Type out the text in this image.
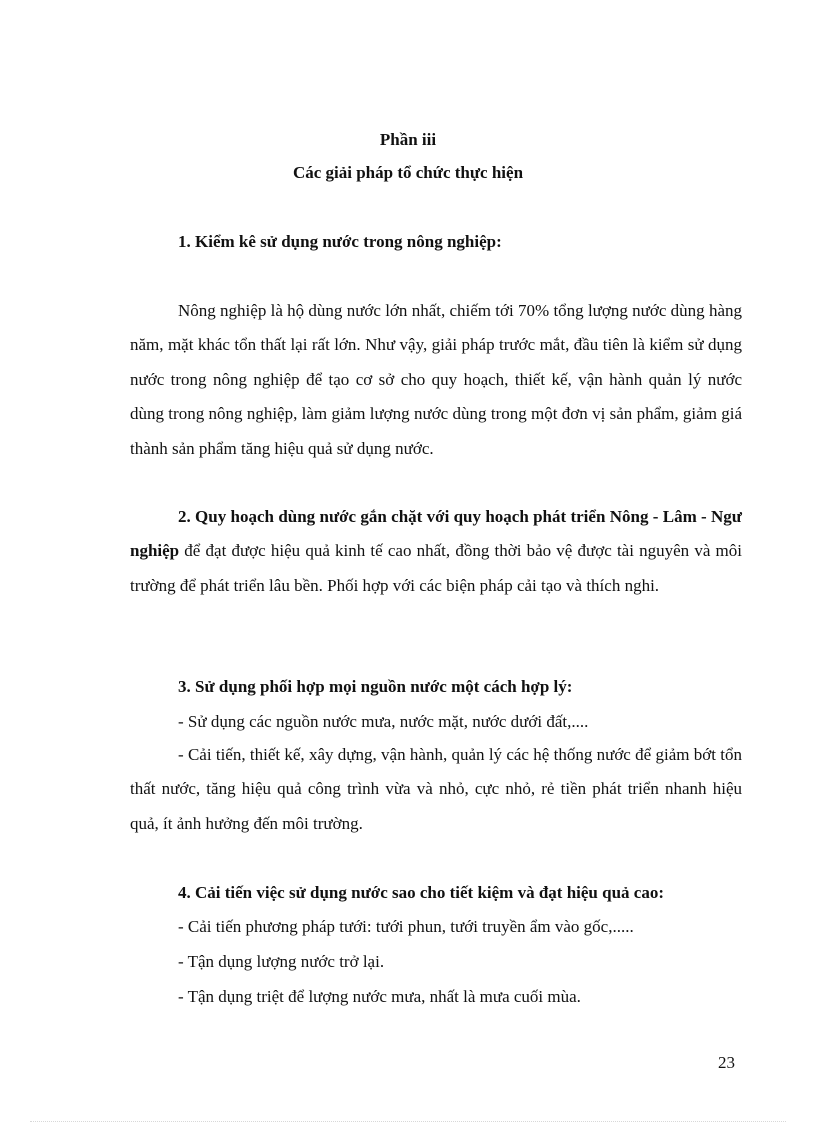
Phần iii
Các giải pháp tổ chức thực hiện
1. Kiểm kê sử dụng nước trong nông nghiệp:
Nông nghiệp là hộ dùng nước lớn nhất, chiếm tới 70% tổng lượng nước dùng hàng năm, mặt khác tổn thất lại rất lớn. Như vậy, giải pháp trước mắt, đầu tiên là kiểm sử dụng nước trong nông nghiệp để tạo cơ sở cho quy hoạch, thiết kế, vận hành quản lý nước dùng trong nông nghiệp, làm giảm lượng nước dùng trong một đơn vị sản phẩm, giảm giá thành sản phẩm tăng hiệu quả sử dụng nước.
2. Quy hoạch dùng nước gắn chặt với quy hoạch phát triển Nông - Lâm - Ngư nghiệp để đạt được hiệu quả kinh tế cao nhất, đồng thời bảo vệ được tài nguyên và môi trường để phát triển lâu bền. Phối hợp với các biện pháp cải tạo và thích nghi.
3. Sử dụng phối hợp mọi nguồn nước một cách hợp lý:
- Sử dụng các nguồn nước mưa, nước mặt, nước dưới đất,....
- Cải tiến, thiết kế, xây dựng, vận hành, quản lý các hệ thống nước để giảm bớt tổn thất nước, tăng hiệu quả công trình vừa và nhỏ, cực nhỏ, rẻ tiền phát triển nhanh hiệu quả, ít ảnh hưởng đến môi trường.
4. Cải tiến việc sử dụng nước sao cho tiết kiệm và đạt hiệu quả cao:
- Cải tiến phương pháp tưới: tưới phun, tưới truyền ẩm vào gốc,.....
- Tận dụng lượng nước trở lại.
- Tận dụng triệt để lượng nước mưa, nhất là mưa cuối mùa.
23
